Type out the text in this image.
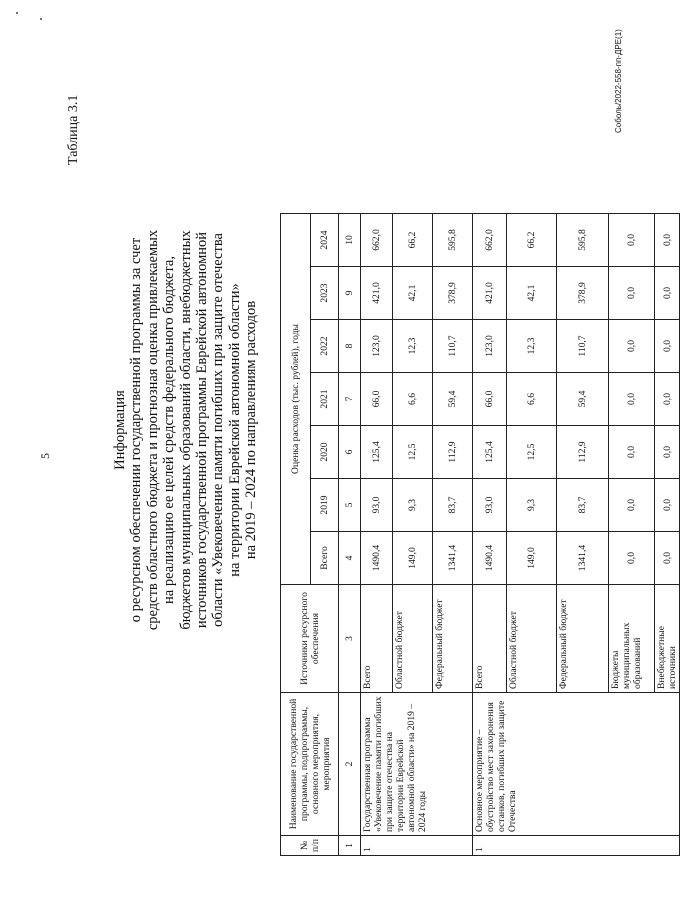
5
Таблица 3.1
Информация о ресурсном обеспечении государственной программы за счет средств областного бюджета и прогнозная оценка привлекаемых на реализацию ее целей средств федерального бюджета, бюджетов муниципальных образований области, внебюджетных источников государственной программы Еврейской автономной области «Увековечение памяти погибших при защите отечества на территории Еврейской автономной области» на 2019 – 2024 по направлениям расходов
№ п/п	Наименование государственной программы, подпрограммы, основного мероприятия, мероприятия	Источники ресурсного обеспечения	Оценка расходов (тыс. рублей), годы						
			Всего	2019	2020	2021	2022	2023	2024
1	2	3	4	5	6	7	8	9	10
1	Государственная программа «Увековечение памяти погибших при защите отечества на территории Еврейской автономной области» на 2019 – 2024 годы	Всего	1490,4	93,0	125,4	66,0	123,0	421,0	662,0
		Областной бюджет	149,0	9,3	12,5	6,6	12,3	42,1	66,2
		Федеральный бюджет	1341,4	83,7	112,9	59,4	110,7	378,9	595,8
1	Основное мероприятие – обустройство мест захоронения останков, погибших при защите Отечества	Всего	1490,4	93,0	125,4	66,0	123,0	421,0	662,0
		Областной бюджет	149,0	9,3	12,5	6,6	12,3	42,1	66,2
		Федеральный бюджет	1341,4	83,7	112,9	59,4	110,7	378,9	595,8
		Бюджеты муниципальных образований	0,0	0,0	0,0	0,0	0,0	0,0	0,0
		Внебюджетные источники	0,0	0,0	0,0	0,0	0,0	0,0	0,0
Соболь/2022-558-пп-ДРЕ(1)
